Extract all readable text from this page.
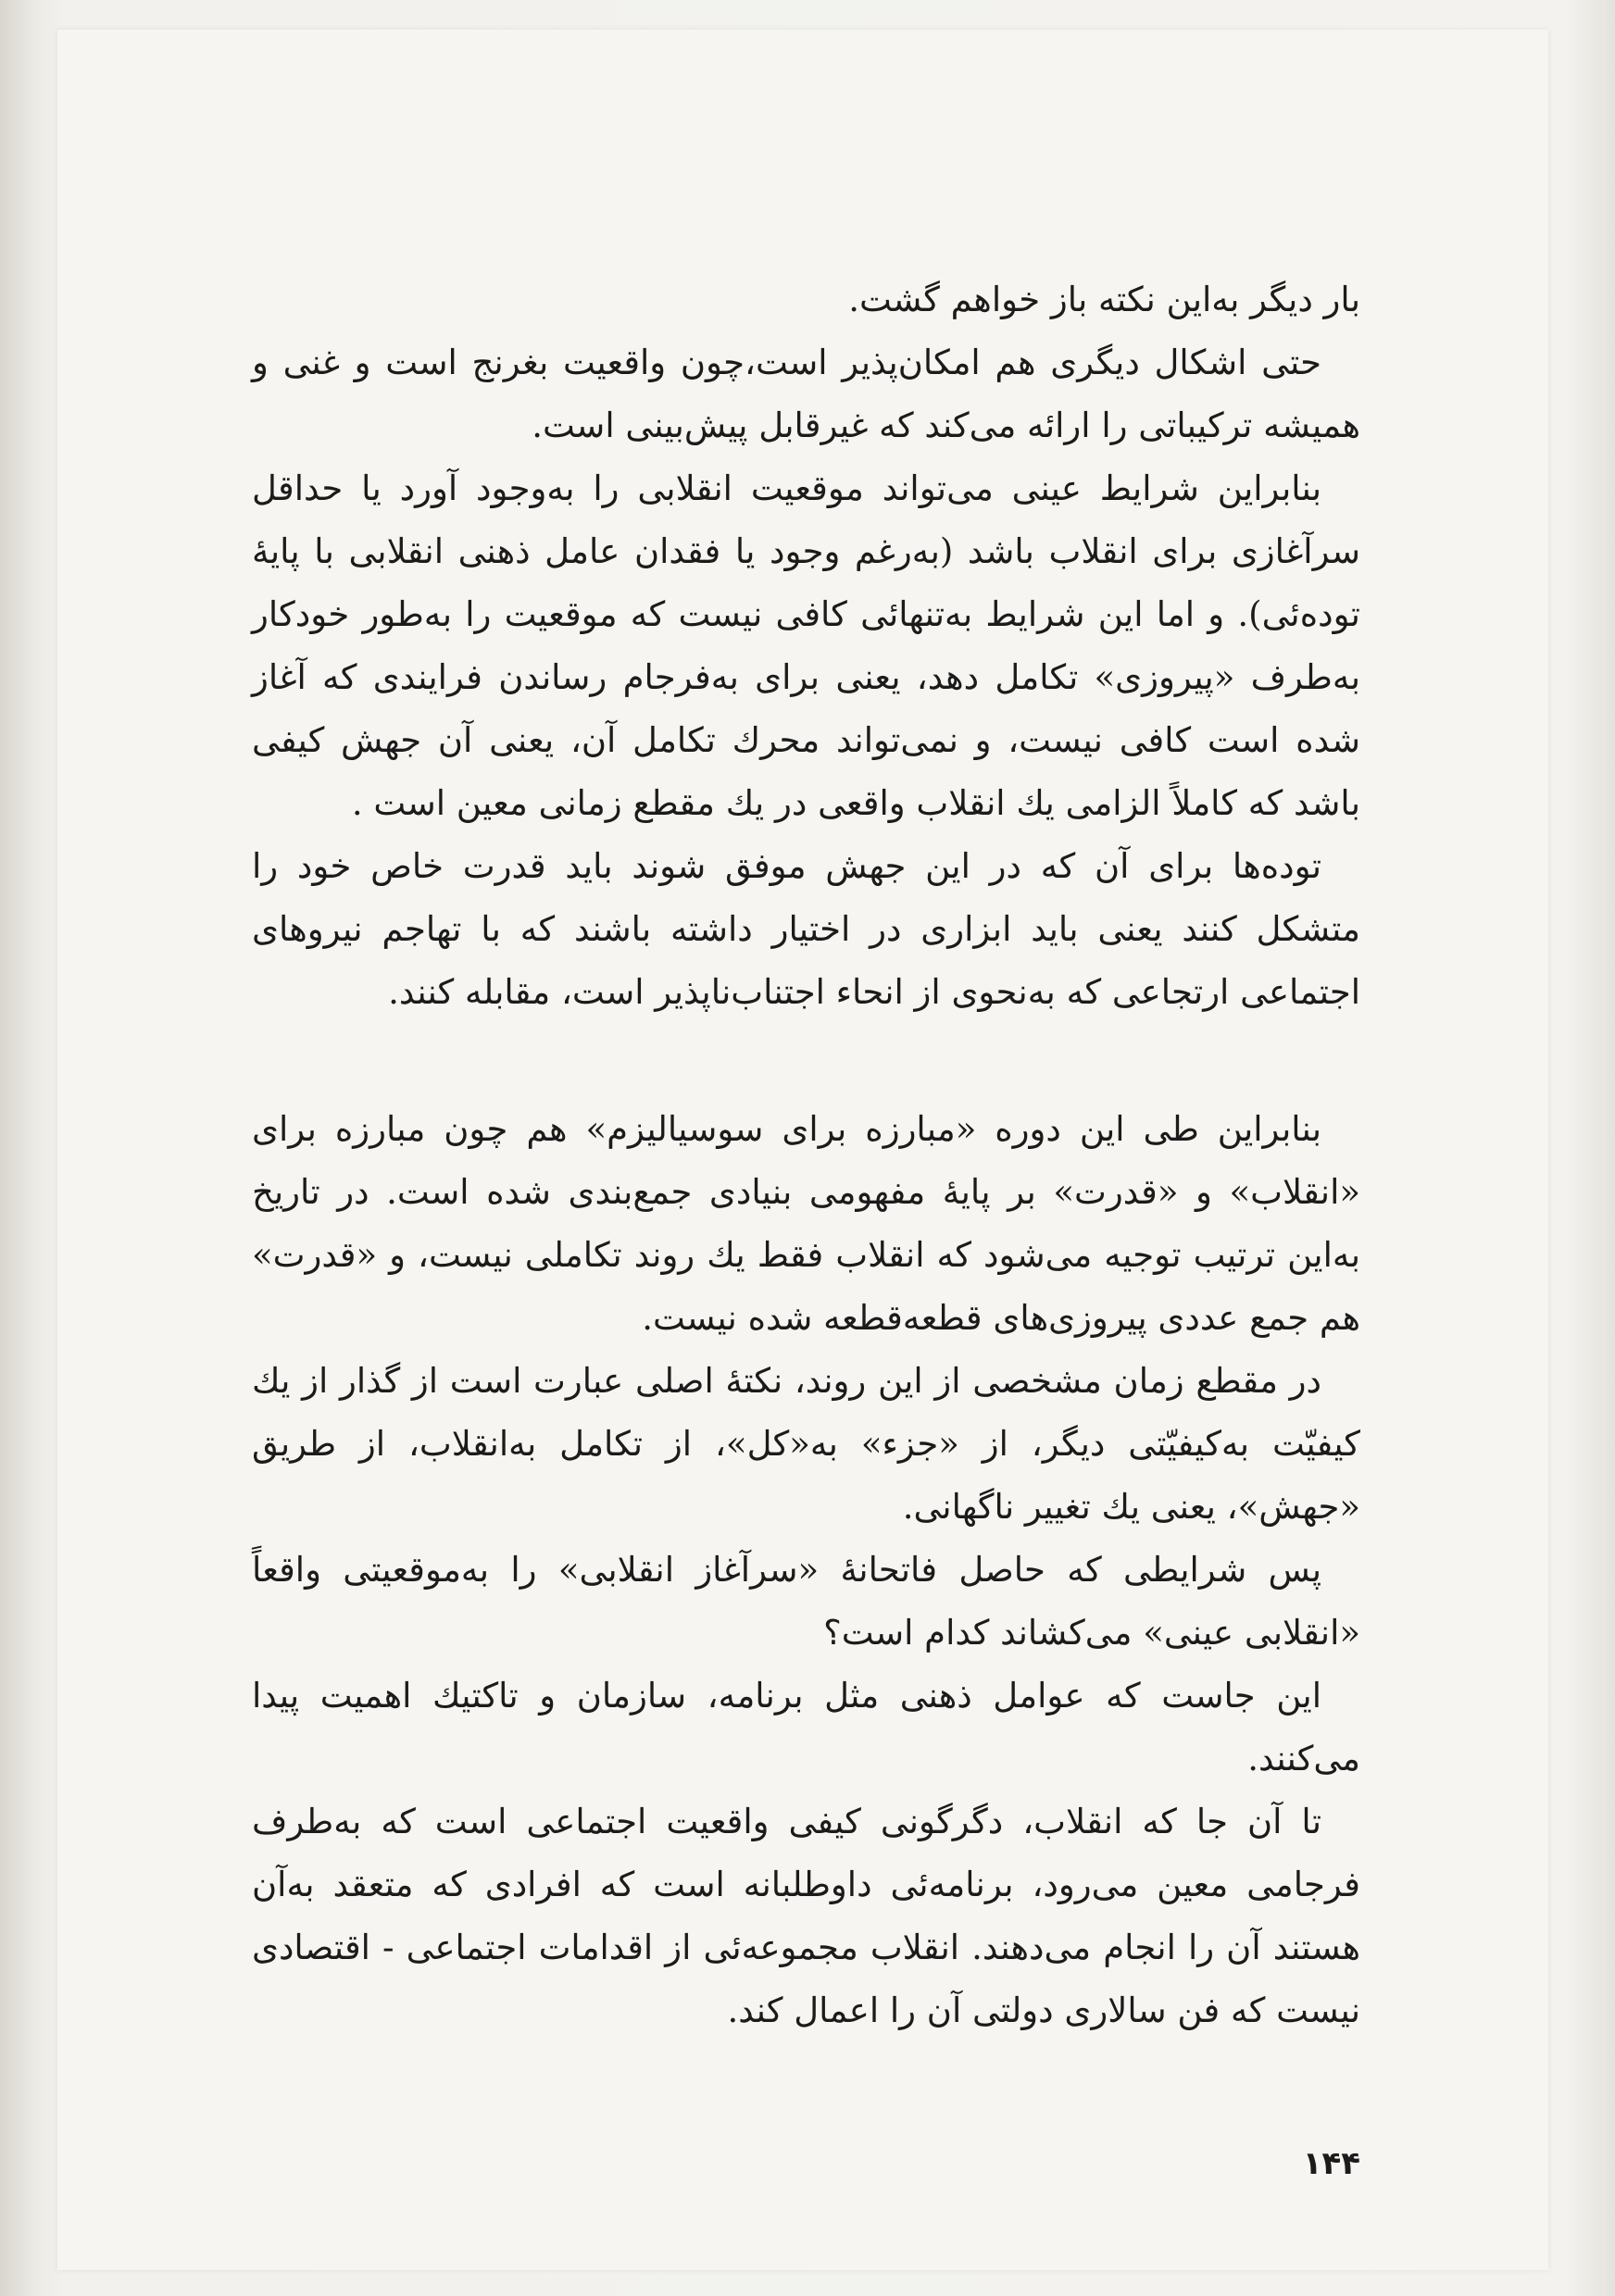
بار دیگر به‌این نکته باز خواهم گشت.

حتی اشکال دیگری هم امکان‌پذیر است،چون واقعیت بغرنج است و غنی و همیشه ترکیباتی را ارائه می‌کند که غیرقابل پیش‌بینی است.

بنابراین شرایط عینی می‌تواند موقعیت انقلابی را به‌وجود آورد یا حداقل سرآغازی برای انقلاب باشد (به‌رغم وجود یا فقدان عامل ذهنی انقلابی با پایهٔ توده‌ئی). و اما این شرایط به‌تنهائی کافی نیست که موقعیت را به‌طور خودکار به‌طرف «پیروزی» تکامل دهد، یعنی برای به‌فرجام رساندن فرایندی که آغاز شده است کافی نیست، و نمی‌تواند محرك تکامل آن، یعنی آن جهش کیفی باشد که کاملاً الزامی یك انقلاب واقعی در یك مقطع زمانی معین است .

توده‌ها برای آن که در این جهش موفق شوند باید قدرت خاص خود را متشکل کنند یعنی باید ابزاری در اختیار داشته باشند که با تهاجم نیروهای اجتماعی ارتجاعی که به‌نحوی از انحاء اجتناب‌ناپذیر است، مقابله کنند.

بنابراین طی این دوره «مبارزه برای سوسیالیزم» هم چون مبارزه برای «انقلاب» و «قدرت» بر پایهٔ مفهومی بنیادی جمع‌بندی شده است. در تاریخ به‌این ترتیب توجیه می‌شود که انقلاب فقط یك روند تکاملی نیست، و «قدرت» هم جمع عددی پیروزی‌های قطعه‌قطعه شده نیست.

در مقطع زمان مشخصی از این روند، نکتهٔ اصلی عبارت است از گذار از یك کیفیّت به‌کیفیّتی دیگر، از «جزء» به«کل»، از تکامل به‌انقلاب، از طریق «جهش»، یعنی یك تغییر ناگهانی.

پس شرایطی که حاصل فاتحانهٔ «سرآغاز انقلابی» را به‌موقعیتی واقعاً «انقلابی عینی» می‌کشاند کدام است؟

این جاست که عوامل ذهنی مثل برنامه، سازمان و تاکتیك اهمیت پیدا می‌کنند.

تا آن جا که انقلاب، دگرگونی کیفی واقعیت اجتماعی است که به‌طرف فرجامی معین می‌رود، برنامه‌ئی داوطلبانه است که افرادی که متعقد به‌آن هستند آن را انجام می‌دهند. انقلاب مجموعه‌ئی از اقدامات اجتماعی - اقتصادی نیست که فن سالاری دولتی آن را اعمال کند.

۱۴۴
